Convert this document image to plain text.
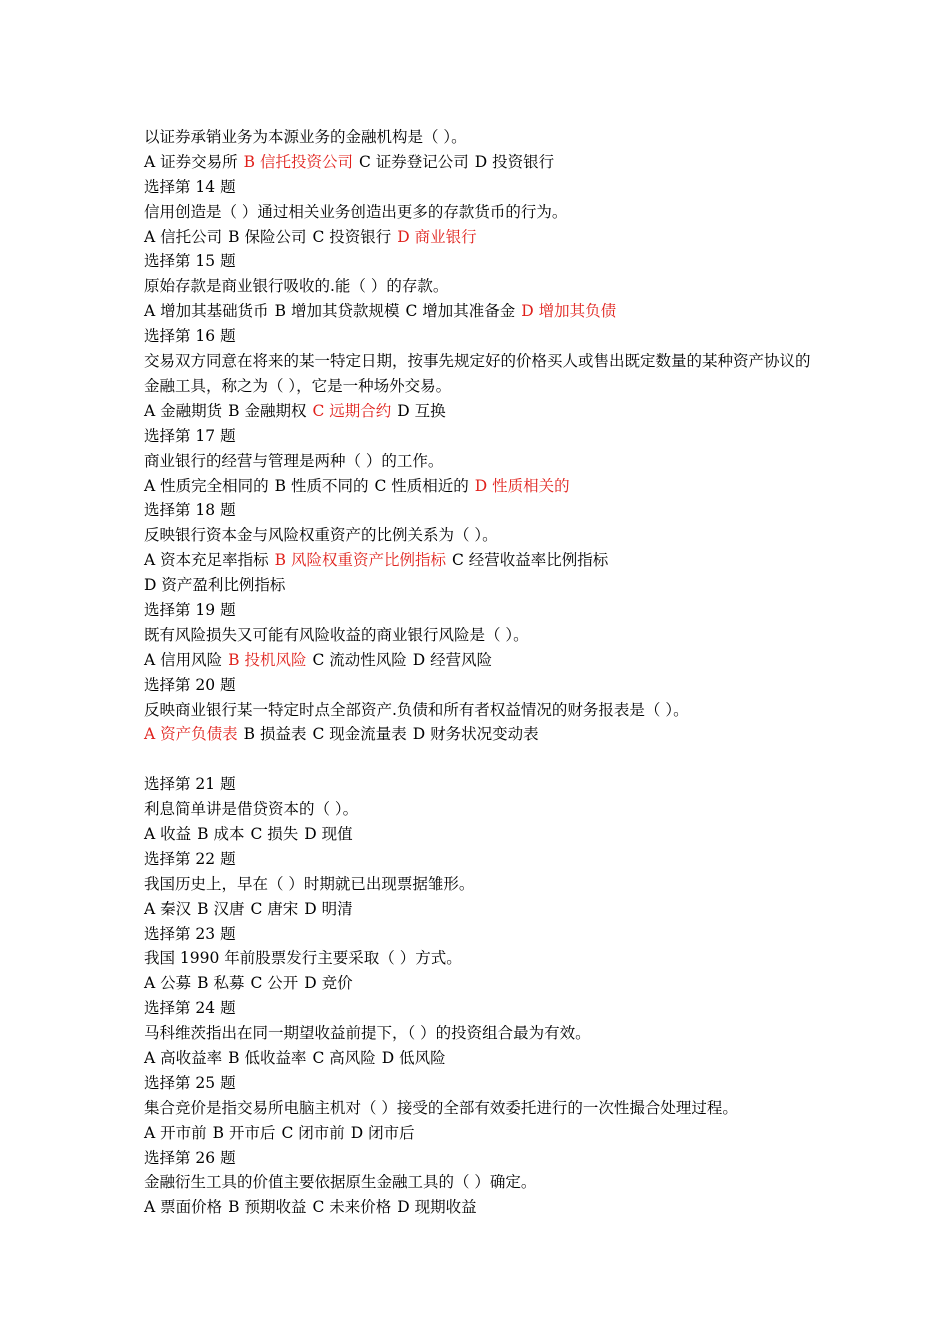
以证券承销业务为本源业务的金融机构是（ ）。
A 证券交易所 B 信托投资公司 C 证券登记公司 D 投资银行
选择第 14 题
信用创造是（ ）通过相关业务创造出更多的存款货币的行为。
A 信托公司 B 保险公司 C 投资银行 D 商业银行
选择第 15 题
原始存款是商业银行吸收的.能（ ）的存款。
A 增加其基础货币 B 增加其贷款规模 C 增加其准备金 D 增加其负债
选择第 16 题
交易双方同意在将来的某一特定日期，按事先规定好的价格买人或售出既定数量的某种资产协议的金融工具，称之为（ ），它是一种场外交易。
A 金融期货 B 金融期权 C 远期合约 D 互换
选择第 17 题
商业银行的经营与管理是两种（ ）的工作。
A 性质完全相同的 B 性质不同的 C 性质相近的 D 性质相关的
选择第 18 题
反映银行资本金与风险权重资产的比例关系为（ ）。
A 资本充足率指标 B 风险权重资产比例指标 C 经营收益率比例指标
D 资产盈利比例指标
选择第 19 题
既有风险损失又可能有风险收益的商业银行风险是（ ）。
A 信用风险 B 投机风险 C 流动性风险 D 经营风险
选择第 20 题
反映商业银行某一特定时点全部资产.负债和所有者权益情况的财务报表是（ ）。
A 资产负债表 B 损益表 C 现金流量表 D 财务状况变动表
选择第 21 题
利息简单讲是借贷资本的（ ）。
A 收益 B 成本 C 损失 D 现值
选择第 22 题
我国历史上，早在（ ）时期就已出现票据雏形。
A 秦汉 B 汉唐 C 唐宋 D 明清
选择第 23 题
我国 1990 年前股票发行主要采取（ ）方式。
A 公募 B 私募 C 公开 D 竞价
选择第 24 题
马科维茨指出在同一期望收益前提下，（ ）的投资组合最为有效。
A 高收益率 B 低收益率 C 高风险 D 低风险
选择第 25 题
集合竞价是指交易所电脑主机对（ ）接受的全部有效委托进行的一次性撮合处理过程。
A 开市前 B 开市后 C 闭市前 D 闭市后
选择第 26 题
金融衍生工具的价值主要依据原生金融工具的（ ）确定。
A 票面价格 B 预期收益 C 未来价格 D 现期收益
